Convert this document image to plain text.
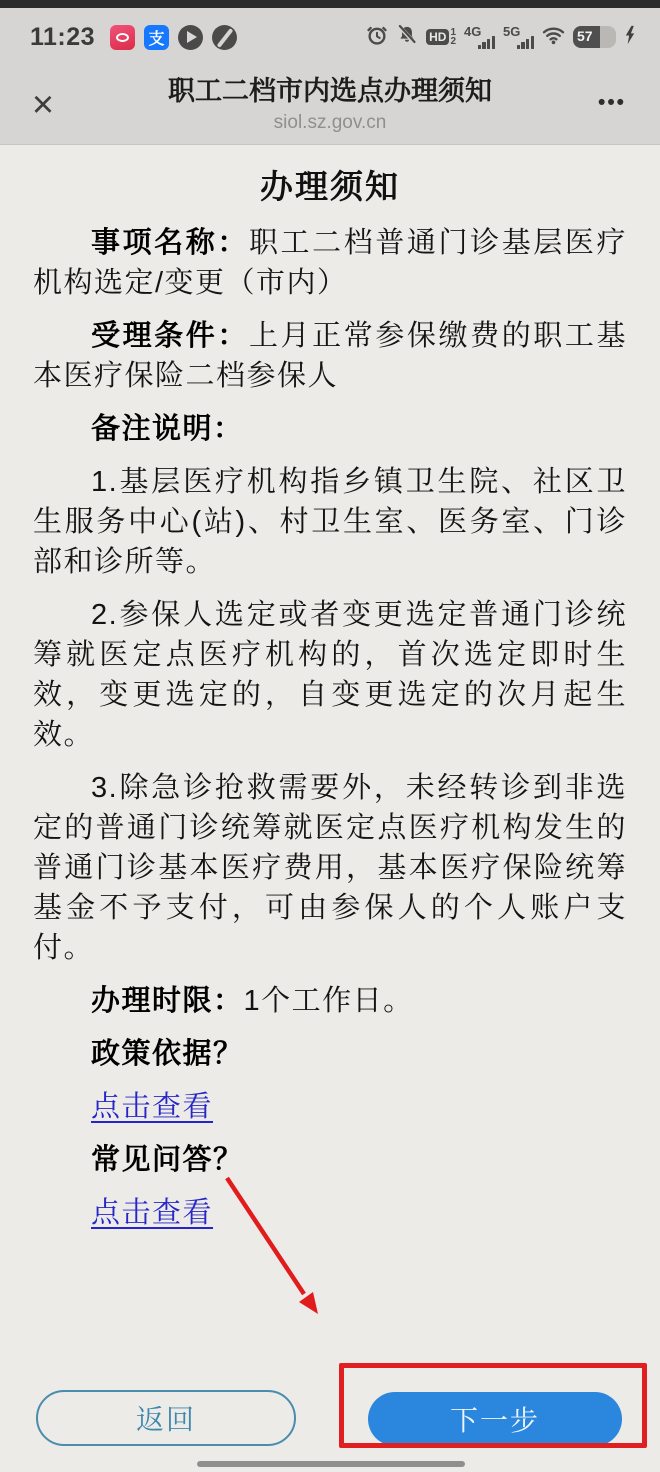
11:23	支	HD 1
2
4G 5G	57
×	职工二档市内选点办理须知
siol.sz.gov.cn
•••
办理须知

事项名称：职工二档普通门诊基层医疗机构选定/变更（市内）

受理条件：上月正常参保缴费的职工基本医疗保险二档参保人

备注说明：

1.基层医疗机构指乡镇卫生院、社区卫生服务中心(站)、村卫生室、医务室、门诊部和诊所等。

2.参保人选定或者变更选定普通门诊统筹就医定点医疗机构的，首次选定即时生效，变更选定的，自变更选定的次月起生效。

3.除急诊抢救需要外，未经转诊到非选定的普通门诊统筹就医定点医疗机构发生的普通门诊基本医疗费用，基本医疗保险统筹基金不予支付，可由参保人的个人账户支付。

办理时限：1个工作日。

政策依据？

点击查看

常见问答？

点击查看

返回	下一步
